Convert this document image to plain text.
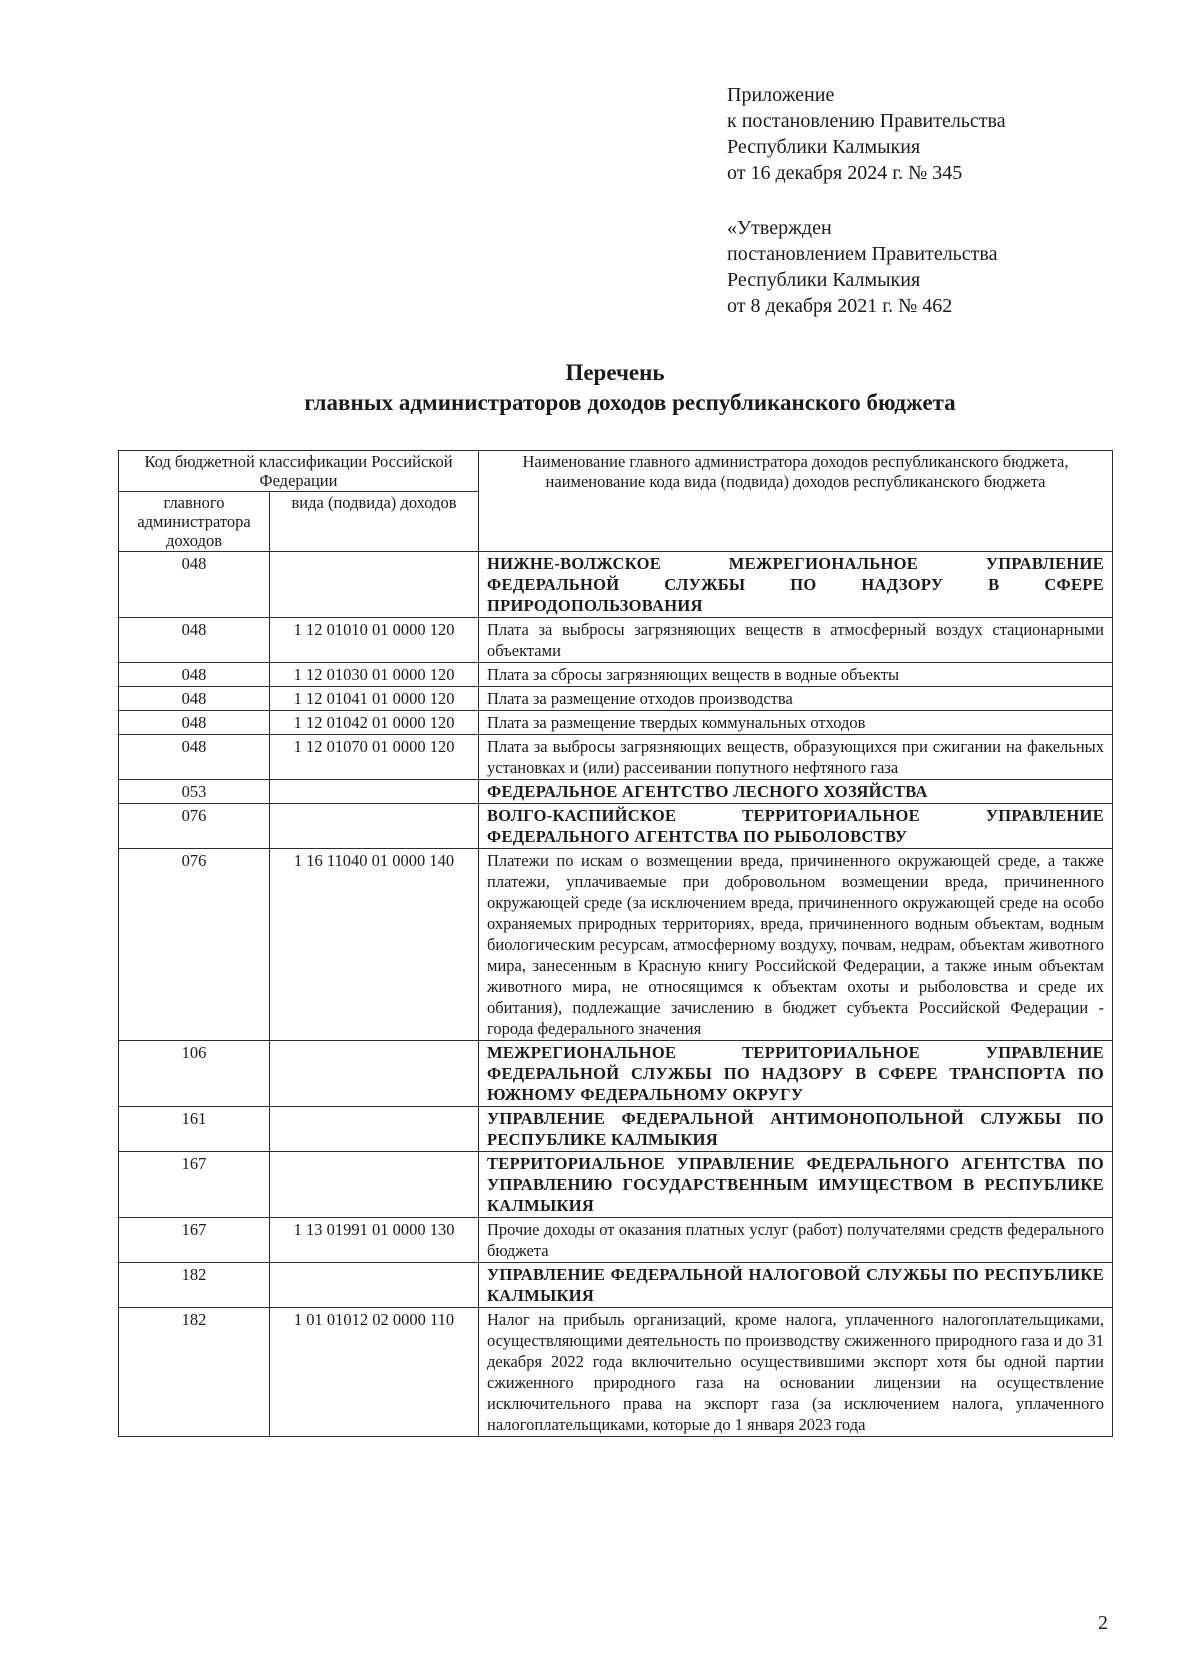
Приложение
к постановлению Правительства
Республики Калмыкия
от 16 декабря 2024 г. № 345
«Утвержден
постановлением Правительства
Республики Калмыкия
от 8 декабря 2021 г. № 462
Перечень
главных администраторов доходов республиканского бюджета
Код бюджетной классификации Российской Федерации		Наименование главного администратора доходов республиканского бюджета, наименование кода вида (подвида) доходов республиканского бюджета
главного администратора доходов	вида (подвида) доходов	
048		НИЖНЕ-ВОЛЖСКОЕ МЕЖРЕГИОНАЛЬНОЕ УПРАВЛЕНИЕ ФЕДЕРАЛЬНОЙ СЛУЖБЫ ПО НАДЗОРУ В СФЕРЕ ПРИРОДОПОЛЬЗОВАНИЯ
048	1 12 01010 01 0000 120	Плата за выбросы загрязняющих веществ в атмосферный воздух стационарными объектами
048	1 12 01030 01 0000 120	Плата за сбросы загрязняющих веществ в водные объекты
048	1 12 01041 01 0000 120	Плата за размещение отходов производства
048	1 12 01042 01 0000 120	Плата за размещение твердых коммунальных отходов
048	1 12 01070 01 0000 120	Плата за выбросы загрязняющих веществ, образующихся при сжигании на факельных установках и (или) рассеивании попутного нефтяного газа
053		ФЕДЕРАЛЬНОЕ АГЕНТСТВО ЛЕСНОГО ХОЗЯЙСТВА
076		ВОЛГО-КАСПИЙСКОЕ ТЕРРИТОРИАЛЬНОЕ УПРАВЛЕНИЕ ФЕДЕРАЛЬНОГО АГЕНТСТВА ПО РЫБОЛОВСТВУ
076	1 16 11040 01 0000 140	Платежи по искам о возмещении вреда, причиненного окружающей среде, а также платежи, уплачиваемые при добровольном возмещении вреда, причиненного окружающей среде (за исключением вреда, причиненного окружающей среде на особо охраняемых природных территориях, вреда, причиненного водным объектам, водным биологическим ресурсам, атмосферному воздуху, почвам, недрам, объектам животного мира, занесенным в Красную книгу Российской Федерации, а также иным объектам животного мира, не относящимся к объектам охоты и рыболовства и среде их обитания), подлежащие зачислению в бюджет субъекта Российской Федерации - города федерального значения
106		МЕЖРЕГИОНАЛЬНОЕ ТЕРРИТОРИАЛЬНОЕ УПРАВЛЕНИЕ ФЕДЕРАЛЬНОЙ СЛУЖБЫ ПО НАДЗОРУ В СФЕРЕ ТРАНСПОРТА ПО ЮЖНОМУ ФЕДЕРАЛЬНОМУ ОКРУГУ
161		УПРАВЛЕНИЕ ФЕДЕРАЛЬНОЙ АНТИМОНОПОЛЬНОЙ СЛУЖБЫ ПО РЕСПУБЛИКЕ КАЛМЫКИЯ
167		ТЕРРИТОРИАЛЬНОЕ УПРАВЛЕНИЕ ФЕДЕРАЛЬНОГО АГЕНТСТВА ПО УПРАВЛЕНИЮ ГОСУДАРСТВЕННЫМ ИМУЩЕСТВОМ В РЕСПУБЛИКЕ КАЛМЫКИЯ
167	1 13 01991 01 0000 130	Прочие доходы от оказания платных услуг (работ) получателями средств федерального бюджета
182		УПРАВЛЕНИЕ ФЕДЕРАЛЬНОЙ НАЛОГОВОЙ СЛУЖБЫ ПО РЕСПУБЛИКЕ КАЛМЫКИЯ
182	1 01 01012 02 0000 110	Налог на прибыль организаций, кроме налога, уплаченного налогоплательщиками, осуществляющими деятельность по производству сжиженного природного газа и до 31 декабря 2022 года включительно осуществившими экспорт хотя бы одной партии сжиженного природного газа на основании лицензии на осуществление исключительного права на экспорт газа (за исключением налога, уплаченного налогоплательщиками, которые до 1 января 2023 года
2
